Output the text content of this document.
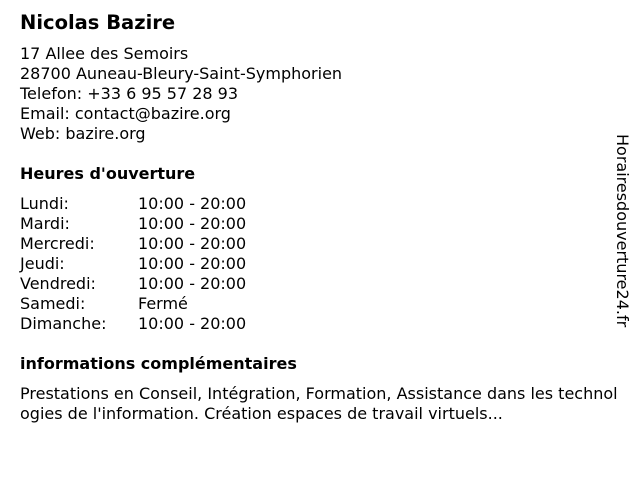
Nicolas Bazire
17 Allee des Semoirs
28700 Auneau-Bleury-Saint-Symphorien
Telefon: +33 6 95 57 28 93
Email: contact@bazire.org
Web: bazire.org
Heures d'ouverture
Lundi:	10:00 - 20:00
Mardi:	10:00 - 20:00
Mercredi:	10:00 - 20:00
Jeudi:	10:00 - 20:00
Vendredi:	10:00 - 20:00
Samedi:	Fermé
Dimanche: 10:00 - 20:00
informations complémentaires
Prestations en Conseil, Intégration, Formation, Assistance dans les technologies de l'information. Création espaces de travail virtuels...
Horairesdouverture24.fr
